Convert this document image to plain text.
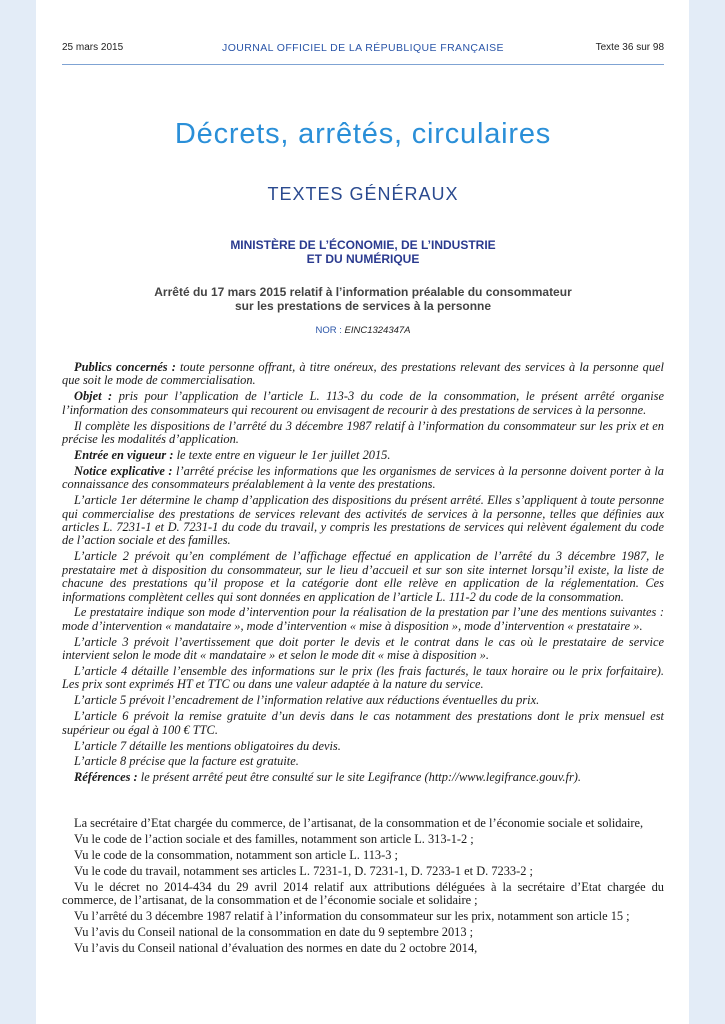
25 mars 2015	JOURNAL OFFICIEL DE LA RÉPUBLIQUE FRANÇAISE	Texte 36 sur 98
Décrets, arrêtés, circulaires
TEXTES GÉNÉRAUX
MINISTÈRE DE L’ÉCONOMIE, DE L’INDUSTRIE
ET DU NUMÉRIQUE
Arrêté du 17 mars 2015 relatif à l’information préalable du consommateur
sur les prestations de services à la personne
NOR : EINC1324347A

Publics concernés : toute personne offrant, à titre onéreux, des prestations relevant des services à la personne quel que soit le mode de commercialisation.

Objet : pris pour l’application de l’article L. 113-3 du code de la consommation, le présent arrêté organise l’information des consommateurs qui recourent ou envisagent de recourir à des prestations de services à la personne.

Il complète les dispositions de l’arrêté du 3 décembre 1987 relatif à l’information du consommateur sur les prix et en précise les modalités d’application.

Entrée en vigueur : le texte entre en vigueur le 1er juillet 2015.

Notice explicative : l’arrêté précise les informations que les organismes de services à la personne doivent porter à la connaissance des consommateurs préalablement à la vente des prestations.

L’article 1er détermine le champ d’application des dispositions du présent arrêté. Elles s’appliquent à toute personne qui commercialise des prestations de services relevant des activités de services à la personne, telles que définies aux articles L. 7231-1 et D. 7231-1 du code du travail, y compris les prestations de services qui relèvent également du code de l’action sociale et des familles.

L’article 2 prévoit qu’en complément de l’affichage effectué en application de l’arrêté du 3 décembre 1987, le prestataire met à disposition du consommateur, sur le lieu d’accueil et sur son site internet lorsqu’il existe, la liste de chacune des prestations qu’il propose et la catégorie dont elle relève en application de la réglementation. Ces informations complètent celles qui sont données en application de l’article L. 111-2 du code de la consommation.

Le prestataire indique son mode d’intervention pour la réalisation de la prestation par l’une des mentions suivantes : mode d’intervention « mandataire », mode d’intervention « mise à disposition », mode d’intervention « prestataire ».

L’article 3 prévoit l’avertissement que doit porter le devis et le contrat dans le cas où le prestataire de service intervient selon le mode dit « mandataire » et selon le mode dit « mise à disposition ».

L’article 4 détaille l’ensemble des informations sur le prix (les frais facturés, le taux horaire ou le prix forfaitaire). Les prix sont exprimés HT et TTC ou dans une valeur adaptée à la nature du service.

L’article 5 prévoit l’encadrement de l’information relative aux réductions éventuelles du prix.

L’article 6 prévoit la remise gratuite d’un devis dans le cas notamment des prestations dont le prix mensuel est supérieur ou égal à 100 € TTC.

L’article 7 détaille les mentions obligatoires du devis.

L’article 8 précise que la facture est gratuite.

Références : le présent arrêté peut être consulté sur le site Legifrance (http://www.legifrance.gouv.fr).

La secrétaire d’Etat chargée du commerce, de l’artisanat, de la consommation et de l’économie sociale et solidaire,

Vu le code de l’action sociale et des familles, notamment son article L. 313-1-2 ;

Vu le code de la consommation, notamment son article L. 113-3 ;

Vu le code du travail, notamment ses articles L. 7231-1, D. 7231-1, D. 7233-1 et D. 7233-2 ;

Vu le décret no 2014-434 du 29 avril 2014 relatif aux attributions déléguées à la secrétaire d’Etat chargée du commerce, de l’artisanat, de la consommation et de l’économie sociale et solidaire ;

Vu l’arrêté du 3 décembre 1987 relatif à l’information du consommateur sur les prix, notamment son article 15 ;

Vu l’avis du Conseil national de la consommation en date du 9 septembre 2013 ;

Vu l’avis du Conseil national d’évaluation des normes en date du 2 octobre 2014,
